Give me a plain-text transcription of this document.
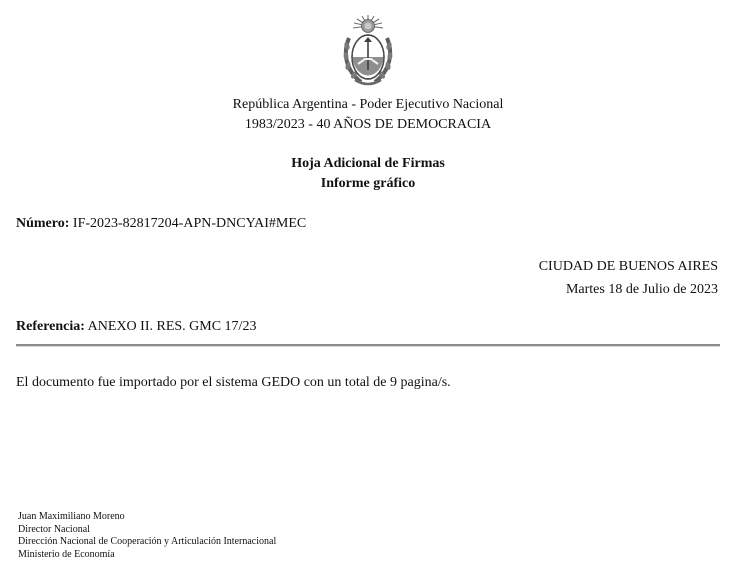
República Argentina - Poder Ejecutivo Nacional
1983/2023 - 40 AÑOS DE DEMOCRACIA
Hoja Adicional de Firmas
Informe gráfico
Número: IF-2023-82817204-APN-DNCYAI#MEC
CIUDAD DE BUENOS AIRES
Martes 18 de Julio de 2023
Referencia: ANEXO II. RES. GMC 17/23
El documento fue importado por el sistema GEDO con un total de 9 pagina/s.
Juan Maximiliano Moreno
Director Nacional
Dirección Nacional de Cooperación y Articulación Internacional
Ministerio de Economía
